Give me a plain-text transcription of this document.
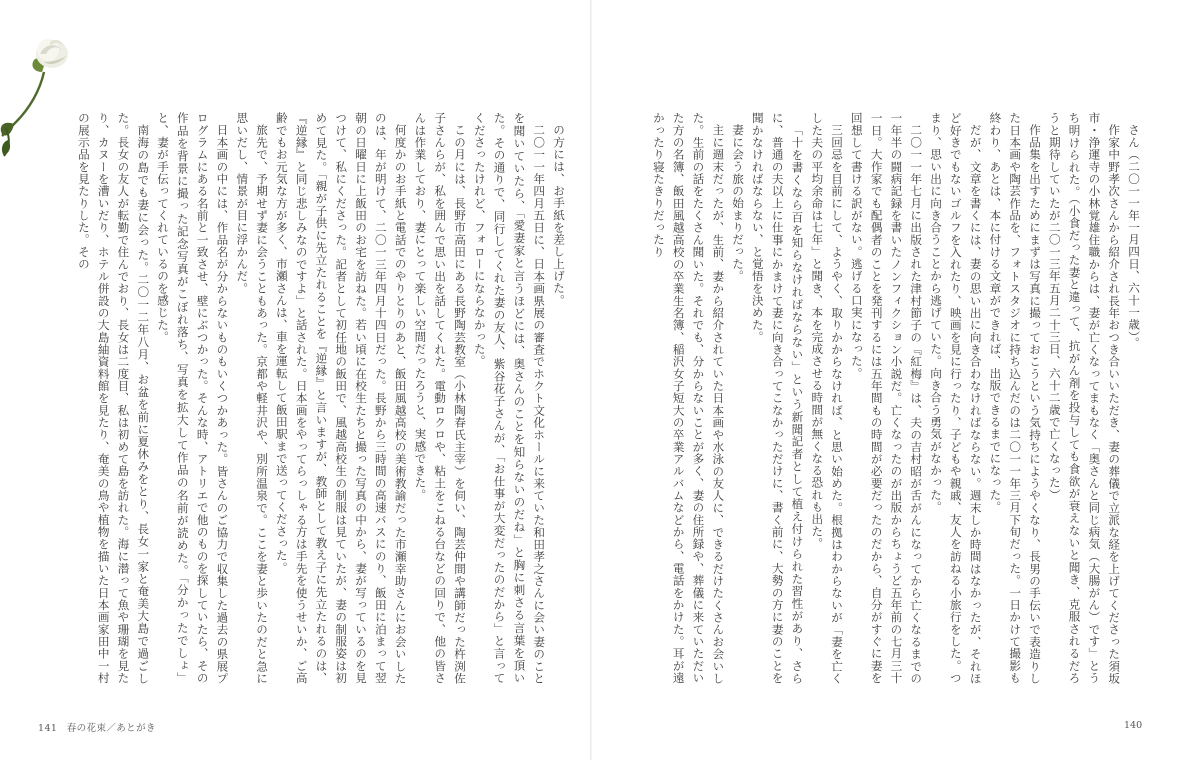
の方には、お手紙を差し上げた。

二〇一一年四月五日に、日本画県展の審査でホクト文化ホールに来ていた和田孝之さんに会い妻のことを聞いていたら、「愛妻家と言うほどには、奥さんのことを知らないのだね」と胸に刺さる言葉を頂いた。その通りで、同行してくれた妻の友人、紫谷花子さんが、「お仕事が大変だったのだから」と言ってくださったけれど、フォローにならなかった。

この月には、長野市高田にある長野陶芸教室（小林陶春氏主宰）を伺い、陶芸仲間や講師だった杵渕佐子さんらが、私を囲んで思い出を話してくれた。電動ロクロや、粘土をこねる台などの回りで、他の皆さんは作業しており、妻にとって楽しい空間だったろうと、実感できた。

何度かのお手紙と電話でのやりとりのあと、飯田風越高校の美術教諭だった市瀬幸助さんにお会いしたのは、年が明けて、二〇一三年四月十四日だった。長野から三時間の高速バスにのり、飯田に泊まって翌朝の日曜日に上飯田のお宅を訪ねた。若い頃に在校生たちと撮った写真の中から、妻が写っているのを見つけて、私にくださった。記者として初任地の飯田で、風越高校生の制服は見ていたが、妻の制服姿は初めて見た。「親が子供に先立たれることを『逆縁』と言いますが、教師として教え子に先立たれるのは、『逆縁』と同じ悲しみなのですよ」と話された。日本画をやってらっしゃる方は手先を使うせいか、ご高齢でもお元気な方が多く、市瀬さんは、車を運転して飯田駅まで送ってくださった。

旅先で、予期せず妻に会うこともあった。京都や軽井沢や、別所温泉で。ここを妻と歩いたのだと急に思いだし、情景が目に浮かんだ。

日本画の中には、作品名が分からないものもいくつかあった。皆さんのご協力で収集した過去の県展プログラムにある名前と一致させ、壁にぶつかった。そんな時、アトリエで他のものを探していたら、その作品を背景に撮った記念写真がこぼれ落ち、写真を拡大して作品の名前が読めた。「分かったでしょ」と、妻が手伝ってくれているのを感じた。

南海の島でも妻に会った。二〇一二年八月、お盆を前に夏休みをとり、長女一家と奄美大島で過ごした。長女の友人が転勤で住んでおり、長女は二度目、私は初めて島を訪れた。海に潜って魚や珊瑚を見たり、カヌーを漕いだり、ホテル併設の大島紬資料館を見たり、奄美の鳥や植物を描いた日本画家田中一村の展示品を見たりした。その

141 春の花束／あとがき

さん（二〇一一年一月四日、六十一歳）。

作家中野孝次さんから紹介され長年おつき合いいただき、妻の葬儀で立派な経を上げてくださった須坂市・浄運寺の小林覚雄住職からは、妻が亡くなってまもなく「奥さんと同じ病気（大腸がん）です」とうち明けられた。（小食だった妻と違って、抗がん剤を投与しても食欲が衰えないと聞き、克服されるだろうと期待していたが二〇一三年五月二十三日、六十二歳で亡くなった）

作品集を出すためにまずは写真に撮っておこうという気持ちにようやくなり、長男の手伝いで表造りした日本画や陶芸作品を、フォトスタジオに持ち込んだのは二〇一一年三月下旬だった。一日かけて撮影も終わり、あとは、本に付ける文章ができれば、出版できるまでになった。

だが、文章を書くには、妻の思い出に向き合わなければならない。週末しか時間はなかったが、それほど好きでもないゴルフを入れたり、映画を見に行ったり、子どもや親戚、友人を訪ねる小旅行をした。つまり、思い出に向き合うことから逃げていた。向き合う勇気がなかった。

二〇一一年七月に出版された津村節子の『紅梅』は、夫の吉村昭が舌がんになってから亡くなるまでの一年半の闘病記録を書いたノンフィクション小説だ。亡くなったのが出版からちょうど五年前の七月三十一日。大作家でも配偶者のことを発刊するには五年間もの時間が必要だったのだから、自分がすぐに妻を回想して書ける訳がない。逃げる口実になった。

三回忌を目前にして、ようやく、取りかからなければ、と思い始めた。根拠はわからないが「妻を亡くした夫の平均余命は七年」と聞き、本を完成させる時間が無くなる恐れも出た。

「十を書くなら百を知らなければならない」という新聞記者として植え付けられた習性があり、さらに、普通の夫以上に仕事にかまけて妻に向き合ってこなかっただけに、書く前に、大勢の方に妻のことを聞かなければならない、と覚悟を決めた。

妻に会う旅の始まりだった。

主に週末だったが、生前、妻から紹介されていた日本画や水泳の友人に、できるだけたくさんお会いした。生前の話をたくさん聞いた。それでも、分からないことが多く、妻の住所録や、葬儀に来ていただいた方の名簿、飯田風越高校の卒業生名簿、稲沢女子短大の卒業アルバムなどから、電話をかけた。耳が遠かったり寝たきりだったり

140
